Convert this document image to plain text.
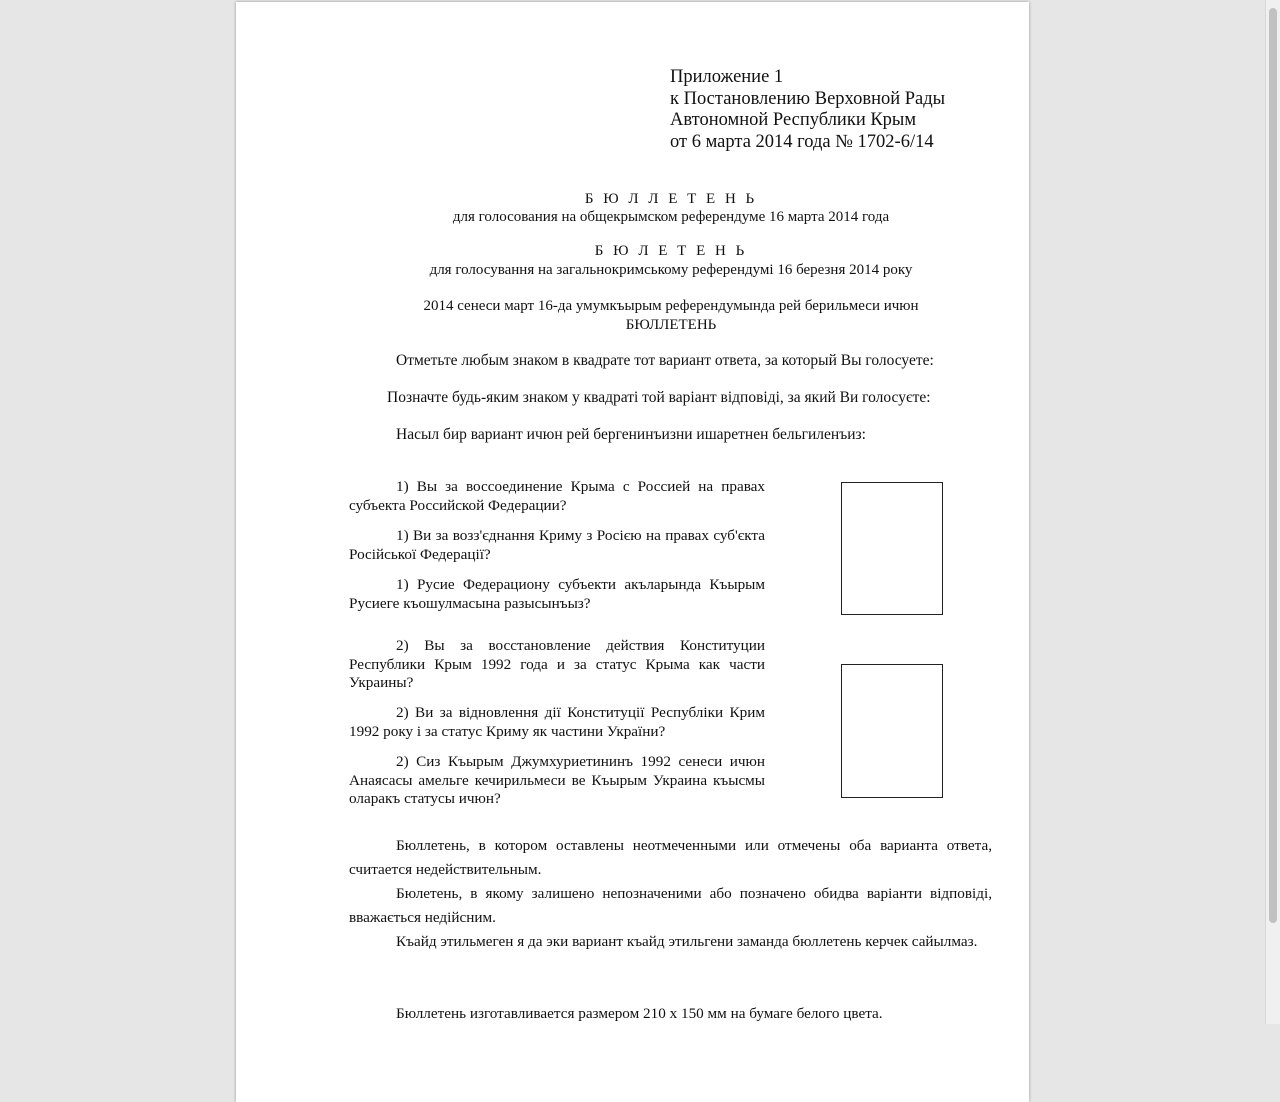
Приложение 1
к Постановлению Верховной Рады
Автономной Республики Крым
от 6 марта 2014 года № 1702-6/14
Б Ю Л Л Е Т Е Н Ь
для голосования на общекрымском референдуме 16 марта 2014 года
Б Ю Л Е Т Е Н Ь
для голосування на загальнокримському референдумі 16 березня 2014 року
2014 сенеси март 16-да умумкъырым референдумында рей берильмеси ичюн
БЮЛЛЕТЕНЬ
Отметьте любым знаком в квадрате тот вариант ответа, за который Вы голосуете:
Позначте будь-яким знаком у квадраті той варіант відповіді, за який Ви голосуєте:
Насыл бир вариант ичюн рей бергенинъизни ишаретнен бельгиленъиз:
1) Вы за воссоединение Крыма с Россией на правах субъекта Российской Федерации?
1) Ви за возз'єднання Криму з Росією на правах суб'єкта Російської Федерації?
1) Русие Федерациону субъекти акъларында Къырым Русиеге къошулмасына разысынъыз?
2) Вы за восстановление действия Конституции Республики Крым 1992 года и за статус Крыма как части Украины?
2) Ви за відновлення дії Конституції Республіки Крим 1992 року і за статус Криму як частини України?
2) Сиз Къырым Джумхуриетининъ 1992 сенеси ичюн Анаясасы амельге кечирильмеси ве Къырым Украина къысмы оларакъ статусы ичюн?
Бюллетень, в котором оставлены неотмеченными или отмечены оба варианта ответа, считается недействительным.
Бюлетень, в якому залишено непозначеними або позначено обидва варіанти відповіді, вважається недійсним.
Къайд этильмеген я да эки вариант къайд этильгени заманда бюллетень керчек сайылмаз.
Бюллетень изготавливается размером 210 х 150 мм на бумаге белого цвета.
